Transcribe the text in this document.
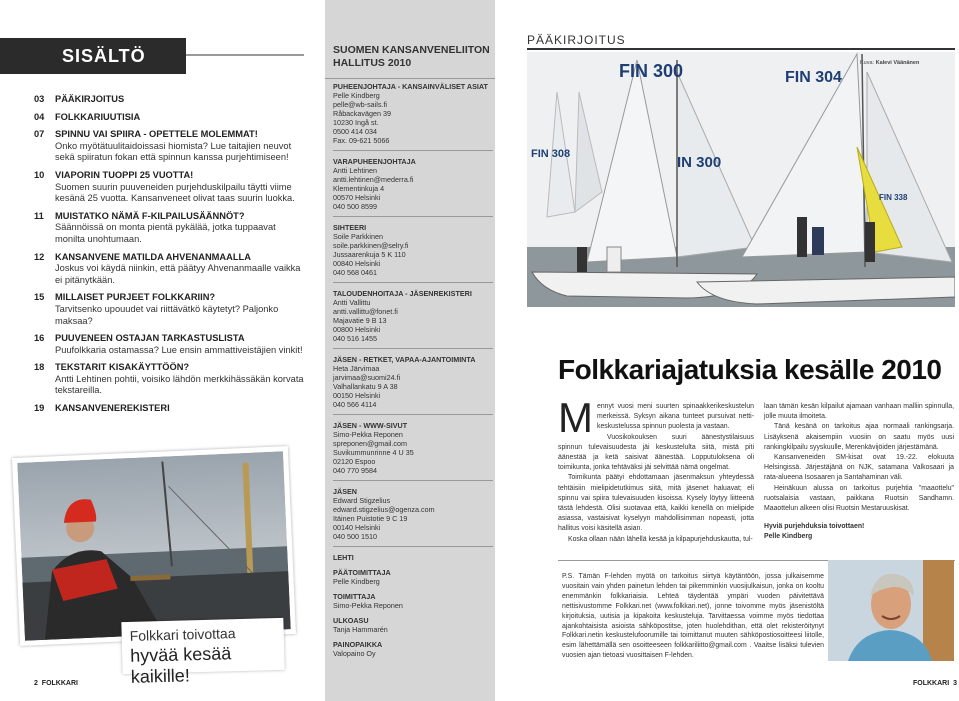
SISÄLTÖ
03 PÄÄKIRJOITUS
04 FOLKKARIUUTISIA
07 SPINNU VAI SPIIRA - OPETTELE MOLEMMAT!
Onko myötätuulitaidoissasi hiomista? Lue taitajien neuvot sekä spiiratun fokan että spinnun kanssa purjehtimiseen!
10 VIAPORIN TUOPPI 25 VUOTTA!
Suomen suurin puuveneiden purjehduskilpailu täytti viime kesänä 25 vuotta. Kansanveneet olivat taas suurin luokka.
11 MUISTATKO NÄMÄ F-KILPAILUSÄÄNNÖT?
Säännöissä on monta pientä pykälää, jotka tuppaavat monilta unohtumaan.
12 KANSANVENE MATILDA AHVENANMAALLA
Joskus voi käydä niinkin, että päätyy Ahvenanmaalle vaikka ei pitänytkään.
15 MILLAISET PURJEET FOLKKARIIN?
Tarvitsenko upouudet vai riittävätkö käytetyt? Paljonko maksaa?
16 PUUVENEEN OSTAJAN TARKASTUSLISTA
Puufolkkaria ostamassa? Lue ensin ammattiveistäjien vinkit!
18 TEKSTARIT KISAKÄYTTÖÖN?
Antti Lehtinen pohtii, voisiko lähdön merkkihässäkän korvata tekstareilla.
19 KANSANVENEREKISTERI
Folkkari toivottaa
hyvää kesää kaikille!
2 FOLKKARI
SUOMEN KANSANVENELIITON HALLITUS 2010
PUHEENJOHTAJA - KANSAINVÄLISET ASIAT
Pelle Kindberg
pelle@wb-sails.fi
Råbackavägen 39
10230 Ingå st.
0500 414 034
Fax. 09-621 5066
VARAPUHEENJOHTAJA
Antti Lehtinen
antti.lehtinen@mederra.fi
Klementinkuja 4
00570 Helsinki
040 500 8599
SIHTEERI
Soile Parkkinen
soile.parkkinen@selry.fi
Jussaarenkuja 5 K 110
00840 Helsinki
040 568 0461
TALOUDENHOITAJA - JÄSENREKISTERI
Antti Vallittu
antti.vallittu@fonet.fi
Majavatie 9 B 13
00800 Helsinki
040 516 1455
JÄSEN - RETKET, VAPAA-AJANTOIMINTA
Heta Järvimaa
jarvimaa@suomi24.fi
Valhallankatu 9 A 38
00150 Helsinki
040 566 4114
JÄSEN - WWW-SIVUT
Simo-Pekka Reponen
spreponen@gmail.com
Suvikummunrinne 4 U 35
02120 Espoo
040 770 9584
JÄSEN
Edward Stigzelius
edward.stigzelius@ogenza.com
Itäinen Puistotie 9 C 19
00140 Helsinki
040 500 1510
LEHTI
PÄÄTOIMITTAJA
Pelle Kindberg
TOIMITTAJA
Simo-Pekka Reponen
ULKOASU
Tanja Hammarén
PAINOPAIKKA
Valopaino Oy
PÄÄKIRJOITUS
FIN 300	FIN 304
FIN 308
FIN 338
IN 300
Kuva: Kalevi Väänänen
Folkkariajatuksia kesälle 2010
M ennyt vuosi meni suurten spinaakkerikeskustelun merkeissä. Syksyn aikana tunteet pursuivat netti-keskustelussa spinnun puolesta ja vastaan.

Vuosikokouksen suuri äänestystilaisuus spinnun tulevaisuudesta jäi keskustelulta siitä, mistä piti äänestää ja ketä saisivat äänestää. Lopputuloksena oli toimikunta, jonka tehtäväksi jäi selvittää nämä ongelmat.

Toimikunta päätyi ehdottamaan jäsenmaksun yhteydessä tehtäisiin mielipidetutkimus siitä, mitä jäsenet haluavat; eli spinnu vai spiira tulevaisuuden kisoissa. Kysely löytyy liitteenä tästä lehdestä. Olisi suotavaa että, kaikki kenellä on mielipide asiassa, vastaisivat kyselyyn mahdollisimman nopeasti, jotta hallitus voisi käsitellä asian.

Koska ollaan nään lähellä kesää ja kilpapurjehduskautta, tul-

laan tämän kesän kilpailut ajamaan vanhaan malliin spinnulla, jolle muuta ilmoiteta.

Tänä kesänä on tarkoitus ajaa normaali rankingsarja. Lisäyksenä akaisempiin vuosiin on saatu myös uusi rankingkilpailu syyskuulle, Merenkävijöiden järjestämänä.

Kansanveneiden SM-kisat ovat 19.-22. elokuuta Helsingissä. Järjestäjänä on NJK, satamana Valkosaari ja rata-alueena Isosaaren ja Santahaminan väli.

Heinäkuun alussa on tarkoitus purjehtia "maaottelu" ruotsalaisia vastaan, paikkana Ruotsin Sandhamn. Maaottelun alkeen olisi Ruotsin Mestaruuskisat.

Hyviä purjehduksia toivottaen!
Pelle Kindberg
P.S. Tämän F-lehden myötä on tarkoitus siirtyä käytäntöön, jossa julkaisemme vuositain vain yhden painetun lehden tai pikemminkin vuosijulkaisun, jonka on kooltu enemmänkin folkkariaisia. Lehteä täydentää ympäri vuoden päivitettävä nettisivustomme Folkkari.net (www.folkkari.net), jonne toivomme myös jäsenistöltä kirjoituksia, uutisia ja kipakoita keskusteluja. Tarvittaessa voimme myös tiedottaa ajankohtaisista asioista sähköpostitse, joten huolehdithan, että olet rekisteröitynyt Folkkari.netin keskustelufoorumille tai toimittanut muuten sähköpostiosoitteesi liitolle, esim lähettämällä sen osoitteeseen folkkariliitto@gmail.com . Vaaitse lisäksi tulevien vuosien ajan tietoasi vuosittaisen F-lehden.
FOLKKARI 3
